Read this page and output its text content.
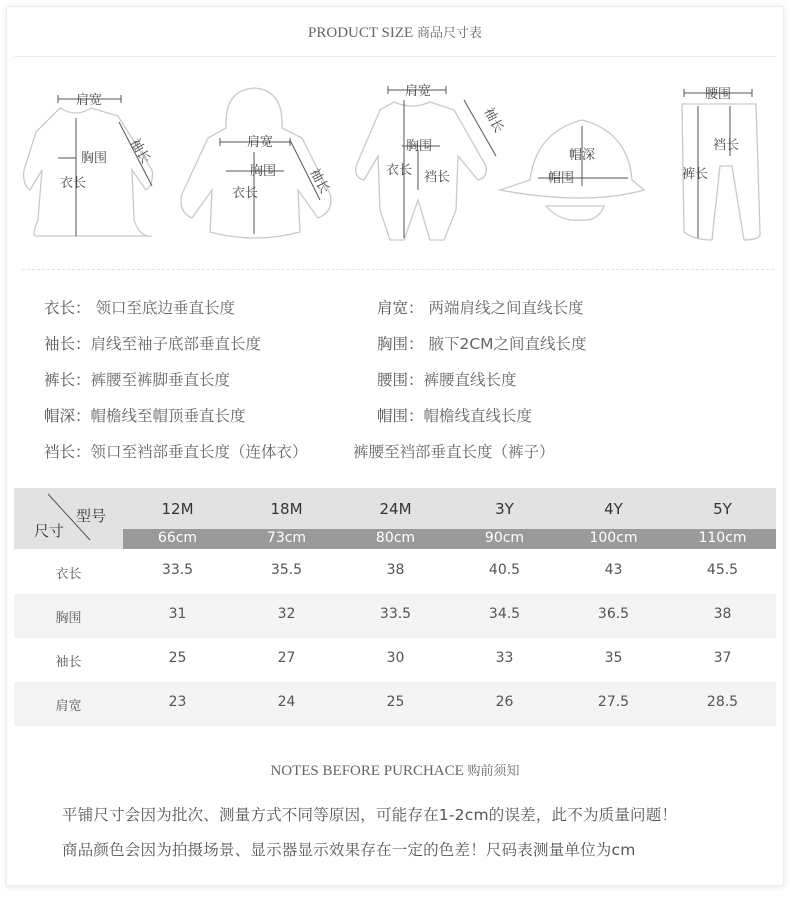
PRODUCT SIZE 商品尺寸表
肩宽
胸围
衣长
袖长	肩宽
胸围
衣长	袖长
肩宽
胸围
衣长 裆长
袖长
帽深
帽围
腰围
裆长
裤长
衣长： 领口至底边垂直长度	肩宽： 两端肩线之间直线长度
袖长：肩线至袖子底部垂直长度	胸围： 腋下2CM之间直线长度
裤长：裤腰至裤脚垂直长度	腰围：裤腰直线长度
帽深：帽檐线至帽顶垂直长度	帽围：帽檐线直线长度
裆长：领口至裆部垂直长度（连体衣）	裤腰至裆部垂直长度（裤子）
型号
尺寸
12M	18M	24M	3Y	4Y	5Y
66cm	73cm	80cm	90cm	100cm	110cm
衣长	33.5	35.5	38	40.5	43	45.5
胸围	31	32	33.5	34.5	36.5	38
袖长	25	27	30	33	35	37
肩宽	23	24	25	26	27.5	28.5
NOTES BEFORE PURCHACE 购前须知
平铺尺寸会因为批次、测量方式不同等原因，可能存在1-2cm的误差，此不为质量问题！
商品颜色会因为拍摄场景、显示器显示效果存在一定的色差！尺码表测量单位为cm
